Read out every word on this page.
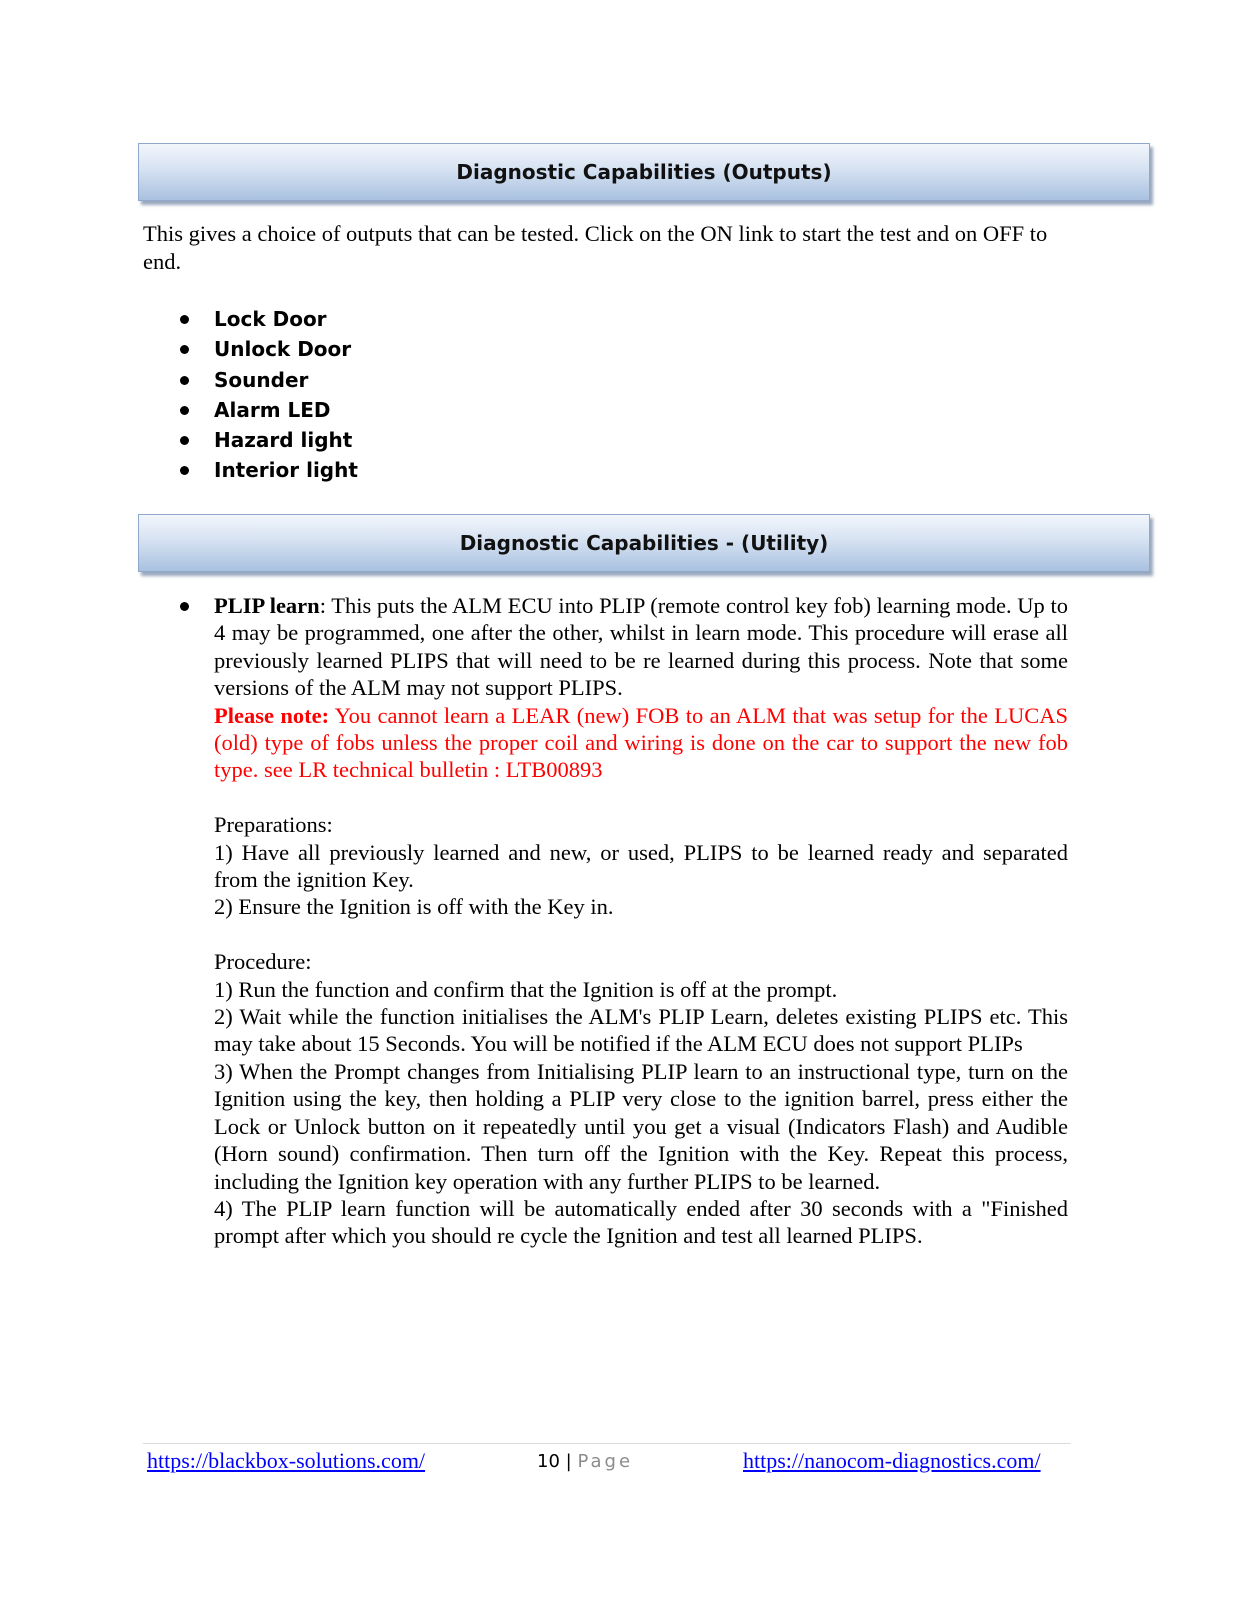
Diagnostic Capabilities (Outputs)

This gives a choice of outputs that can be tested. Click on the ON link to start the test and on OFF to end.

Lock Door
Unlock Door
Sounder
Alarm LED
Hazard light
Interior light
Diagnostic Capabilities - (Utility)

PLIP learn: This puts the ALM ECU into PLIP (remote control key fob) learning mode. Up to 4 may be programmed, one after the other, whilst in learn mode. This procedure will erase all previously learned PLIPS that will need to be re learned during this process. Note that some versions of the ALM may not support PLIPS.

Please note: You cannot learn a LEAR (new) FOB to an ALM that was setup for the LUCAS (old) type of fobs unless the proper coil and wiring is done on the car to support the new fob type. see LR technical bulletin : LTB00893

Preparations:

1) Have all previously learned and new, or used, PLIPS to be learned ready and separated from the ignition Key.

2) Ensure the Ignition is off with the Key in.

Procedure:

1) Run the function and confirm that the Ignition is off at the prompt.

2) Wait while the function initialises the ALM's PLIP Learn, deletes existing PLIPS etc. This may take about 15 Seconds. You will be notified if the ALM ECU does not support PLIPs

3) When the Prompt changes from Initialising PLIP learn to an instructional type, turn on the Ignition using the key, then holding a PLIP very close to the ignition barrel, press either the Lock or Unlock button on it repeatedly until you get a visual (Indicators Flash) and Audible (Horn sound) confirmation. Then turn off the Ignition with the Key. Repeat this process, including the Ignition key operation with any further PLIPS to be learned.

4) The PLIP learn function will be automatically ended after 30 seconds with a "Finished prompt after which you should re cycle the Ignition and test all learned PLIPS.

https://blackbox-solutions.com/	10 | Page	https://nanocom-diagnostics.com/
